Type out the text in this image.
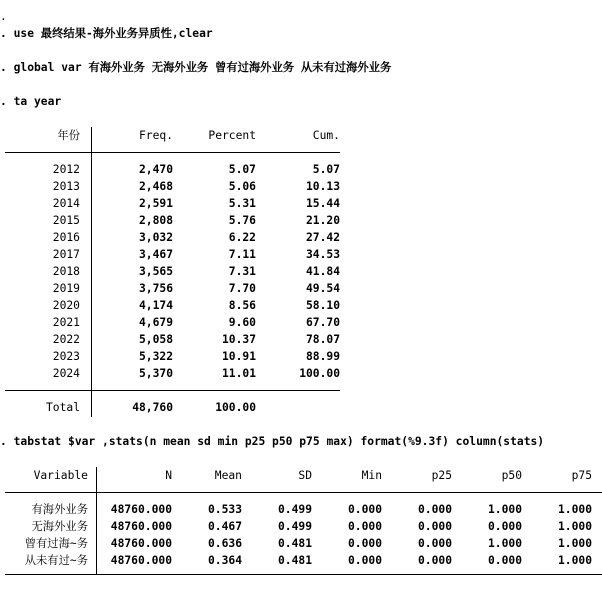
.
. use 最终结果-海外业务异质性,clear
. global var 有海外业务 无海外业务 曾有过海外业务 从未有过海外业务
. ta year
年份	Freq.	Percent	Cum.
2012	2,470	5.07	5.07
2013	2,468	5.06	10.13
2014	2,591	5.31	15.44
2015	2,808	5.76	21.20
2016	3,032	6.22	27.42
2017	3,467	7.11	34.53
2018	3,565	7.31	41.84
2019	3,756	7.70	49.54
2020	4,174	8.56	58.10
2021	4,679	9.60	67.70
2022	5,058	10.37	78.07
2023	5,322	10.91	88.99
2024	5,370	11.01	100.00
Total	48,760	100.00
. tabstat $var ,stats(n mean sd min p25 p50 p75 max) format(%9.3f) column(stats)
Variable	N	Mean	SD	Min	p25	p50	p75
有海外业务	48760.000	0.533	0.499	0.000	0.000	1.000	1.000
无海外业务	48760.000	0.467	0.499	0.000	0.000	0.000	1.000
曾有过海~务	48760.000	0.636	0.481	0.000	0.000	1.000	1.000
从未有过~务	48760.000	0.364	0.481	0.000	0.000	0.000	1.000
